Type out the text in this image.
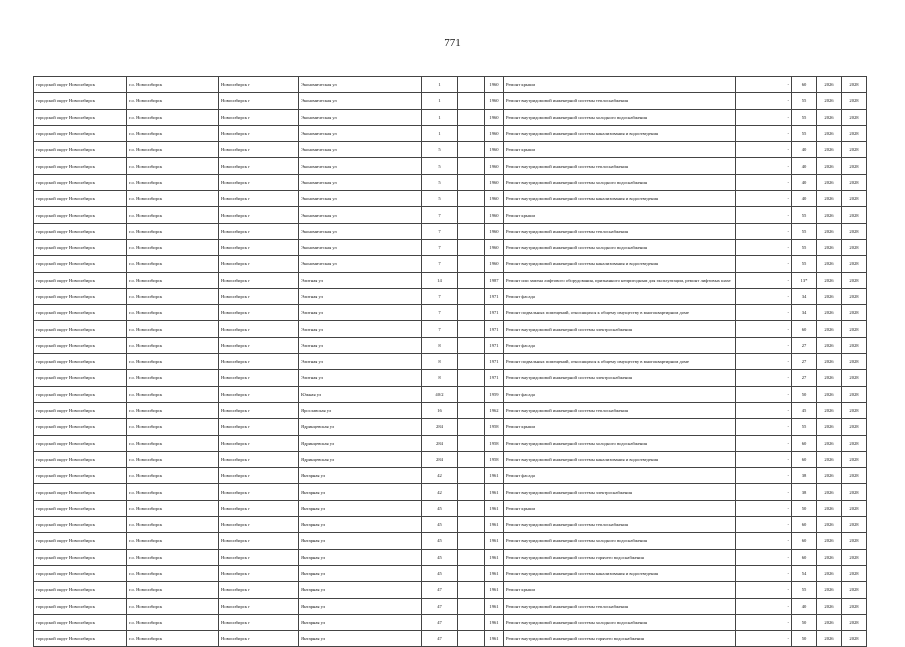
771
городской округ Новосибирск	г.о. Новосибирск	Новосибирск г	Экономическая ул	1		1960	Ремонт крыши	-	60	2026	2028
городской округ Новосибирск	г.о. Новосибирск	Новосибирск г	Экономическая ул	1		1960	Ремонт внутридомовой инженерной системы теплоснабжения	-	55	2026	2028
городской округ Новосибирск	г.о. Новосибирск	Новосибирск г	Экономическая ул	1		1960	Ремонт внутридомовой инженерной системы холодного водоснабжения	-	55	2026	2028
городской округ Новосибирск	г.о. Новосибирск	Новосибирск г	Экономическая ул	1		1960	Ремонт внутридомовой инженерной системы канализования и водоотведения	-	55	2026	2028
городской округ Новосибирск	г.о. Новосибирск	Новосибирск г	Экономическая ул	5		1960	Ремонт крыши	-	40	2026	2028
городской округ Новосибирск	г.о. Новосибирск	Новосибирск г	Экономическая ул	5		1960	Ремонт внутридомовой инженерной системы теплоснабжения	-	40	2026	2028
городской округ Новосибирск	г.о. Новосибирск	Новосибирск г	Экономическая ул	5		1960	Ремонт внутридомовой инженерной системы холодного водоснабжения	-	40	2026	2028
городской округ Новосибирск	г.о. Новосибирск	Новосибирск г	Экономическая ул	5		1960	Ремонт внутридомовой инженерной системы канализования и водоотведения	-	40	2026	2028
городской округ Новосибирск	г.о. Новосибирск	Новосибирск г	Экономическая ул	7		1960	Ремонт крыши	-	55	2026	2028
городской округ Новосибирск	г.о. Новосибирск	Новосибирск г	Экономическая ул	7		1960	Ремонт внутридомовой инженерной системы теплоснабжения	-	55	2026	2028
городской округ Новосибирск	г.о. Новосибирск	Новосибирск г	Экономическая ул	7		1960	Ремонт внутридомовой инженерной системы холодного водоснабжения	-	55	2026	2028
городской округ Новосибирск	г.о. Новосибирск	Новосибирск г	Экономическая ул	7		1960	Ремонт внутридомовой инженерной системы канализования и водоотведения	-	55	2026	2028
городской округ Новосибирск	г.о. Новосибирск	Новосибирск г	Элитная ул	14		1987	Ремонт или замена лифтового оборудования, признанного непригодным для эксплуатации, ремонт лифтовых шахт	-	13*	2026	2028
городской округ Новосибирск	г.о. Новосибирск	Новосибирск г	Элитная ул	7		1971	Ремонт фасада	-	34	2026	2028
городской округ Новосибирск	г.о. Новосибирск	Новосибирск г	Элитная ул	7		1971	Ремонт подвальных помещений, относящихся к общему имуществу в многоквартирном доме	-	34	2026	2028
городской округ Новосибирск	г.о. Новосибирск	Новосибирск г	Элитная ул	7		1971	Ремонт внутридомовой инженерной системы электроснабжения	-	60	2026	2028
городской округ Новосибирск	г.о. Новосибирск	Новосибирск г	Элитная ул	8		1971	Ремонт фасада	-	27	2026	2028
городской округ Новосибирск	г.о. Новосибирск	Новосибирск г	Элитная ул	8		1971	Ремонт подвальных помещений, относящихся к общему имуществу в многоквартирном доме	-	27	2026	2028
городской округ Новосибирск	г.о. Новосибирск	Новосибирск г	Элитная ул	8		1971	Ремонт внутридомовой инженерной системы электроснабжения	-	27	2026	2028
городской округ Новосибирск	г.о. Новосибирск	Новосибирск г	Южная ул	40/2		1959	Ремонт фасада	-	50	2026	2028
городской округ Новосибирск	г.о. Новосибирск	Новосибирск г	Ярославская ул	16		1962	Ремонт внутридомовой инженерной системы теплоснабжения	-	45	2026	2028
городской округ Новосибирск	г.о. Новосибирск	Новосибирск г	Ядринцевская ул	284		1958	Ремонт крыши	-	55	2026	2028
городской округ Новосибирск	г.о. Новосибирск	Новосибирск г	Ядринцевская ул	284		1958	Ремонт внутридомовой инженерной системы холодного водоснабжения	-	60	2026	2028
городской округ Новосибирск	г.о. Новосибирск	Новосибирск г	Ядринцевская ул	284		1958	Ремонт внутридомовой инженерной системы канализования и водоотведения	-	60	2026	2028
городской округ Новосибирск	г.о. Новосибирск	Новосибирск г	Янтарная ул	42		1961	Ремонт фасада	-	38	2026	2028
городской округ Новосибирск	г.о. Новосибирск	Новосибирск г	Янтарная ул	42		1961	Ремонт внутридомовой инженерной системы электроснабжения	-	38	2026	2028
городской округ Новосибирск	г.о. Новосибирск	Новосибирск г	Янтарная ул	45		1961	Ремонт крыши	-	50	2026	2028
городской округ Новосибирск	г.о. Новосибирск	Новосибирск г	Янтарная ул	45		1961	Ремонт внутридомовой инженерной системы теплоснабжения	-	60	2026	2028
городской округ Новосибирск	г.о. Новосибирск	Новосибирск г	Янтарная ул	45		1961	Ремонт внутридомовой инженерной системы холодного водоснабжения	-	60	2026	2028
городской округ Новосибирск	г.о. Новосибирск	Новосибирск г	Янтарная ул	45		1961	Ремонт внутридомовой инженерной системы горячего водоснабжения	-	60	2026	2028
городской округ Новосибирск	г.о. Новосибирск	Новосибирск г	Янтарная ул	45		1961	Ремонт внутридомовой инженерной системы канализования и водоотведения	-	54	2026	2028
городской округ Новосибирск	г.о. Новосибирск	Новосибирск г	Янтарная ул	47		1961	Ремонт крыши	-	55	2026	2028
городской округ Новосибирск	г.о. Новосибирск	Новосибирск г	Янтарная ул	47		1961	Ремонт внутридомовой инженерной системы теплоснабжения	-	40	2026	2028
городской округ Новосибирск	г.о. Новосибирск	Новосибирск г	Янтарная ул	47		1961	Ремонт внутридомовой инженерной системы холодного водоснабжения	-	50	2026	2028
городской округ Новосибирск	г.о. Новосибирск	Новосибирск г	Янтарная ул	47		1961	Ремонт внутридомовой инженерной системы горячего водоснабжения	-	50	2026	2028
